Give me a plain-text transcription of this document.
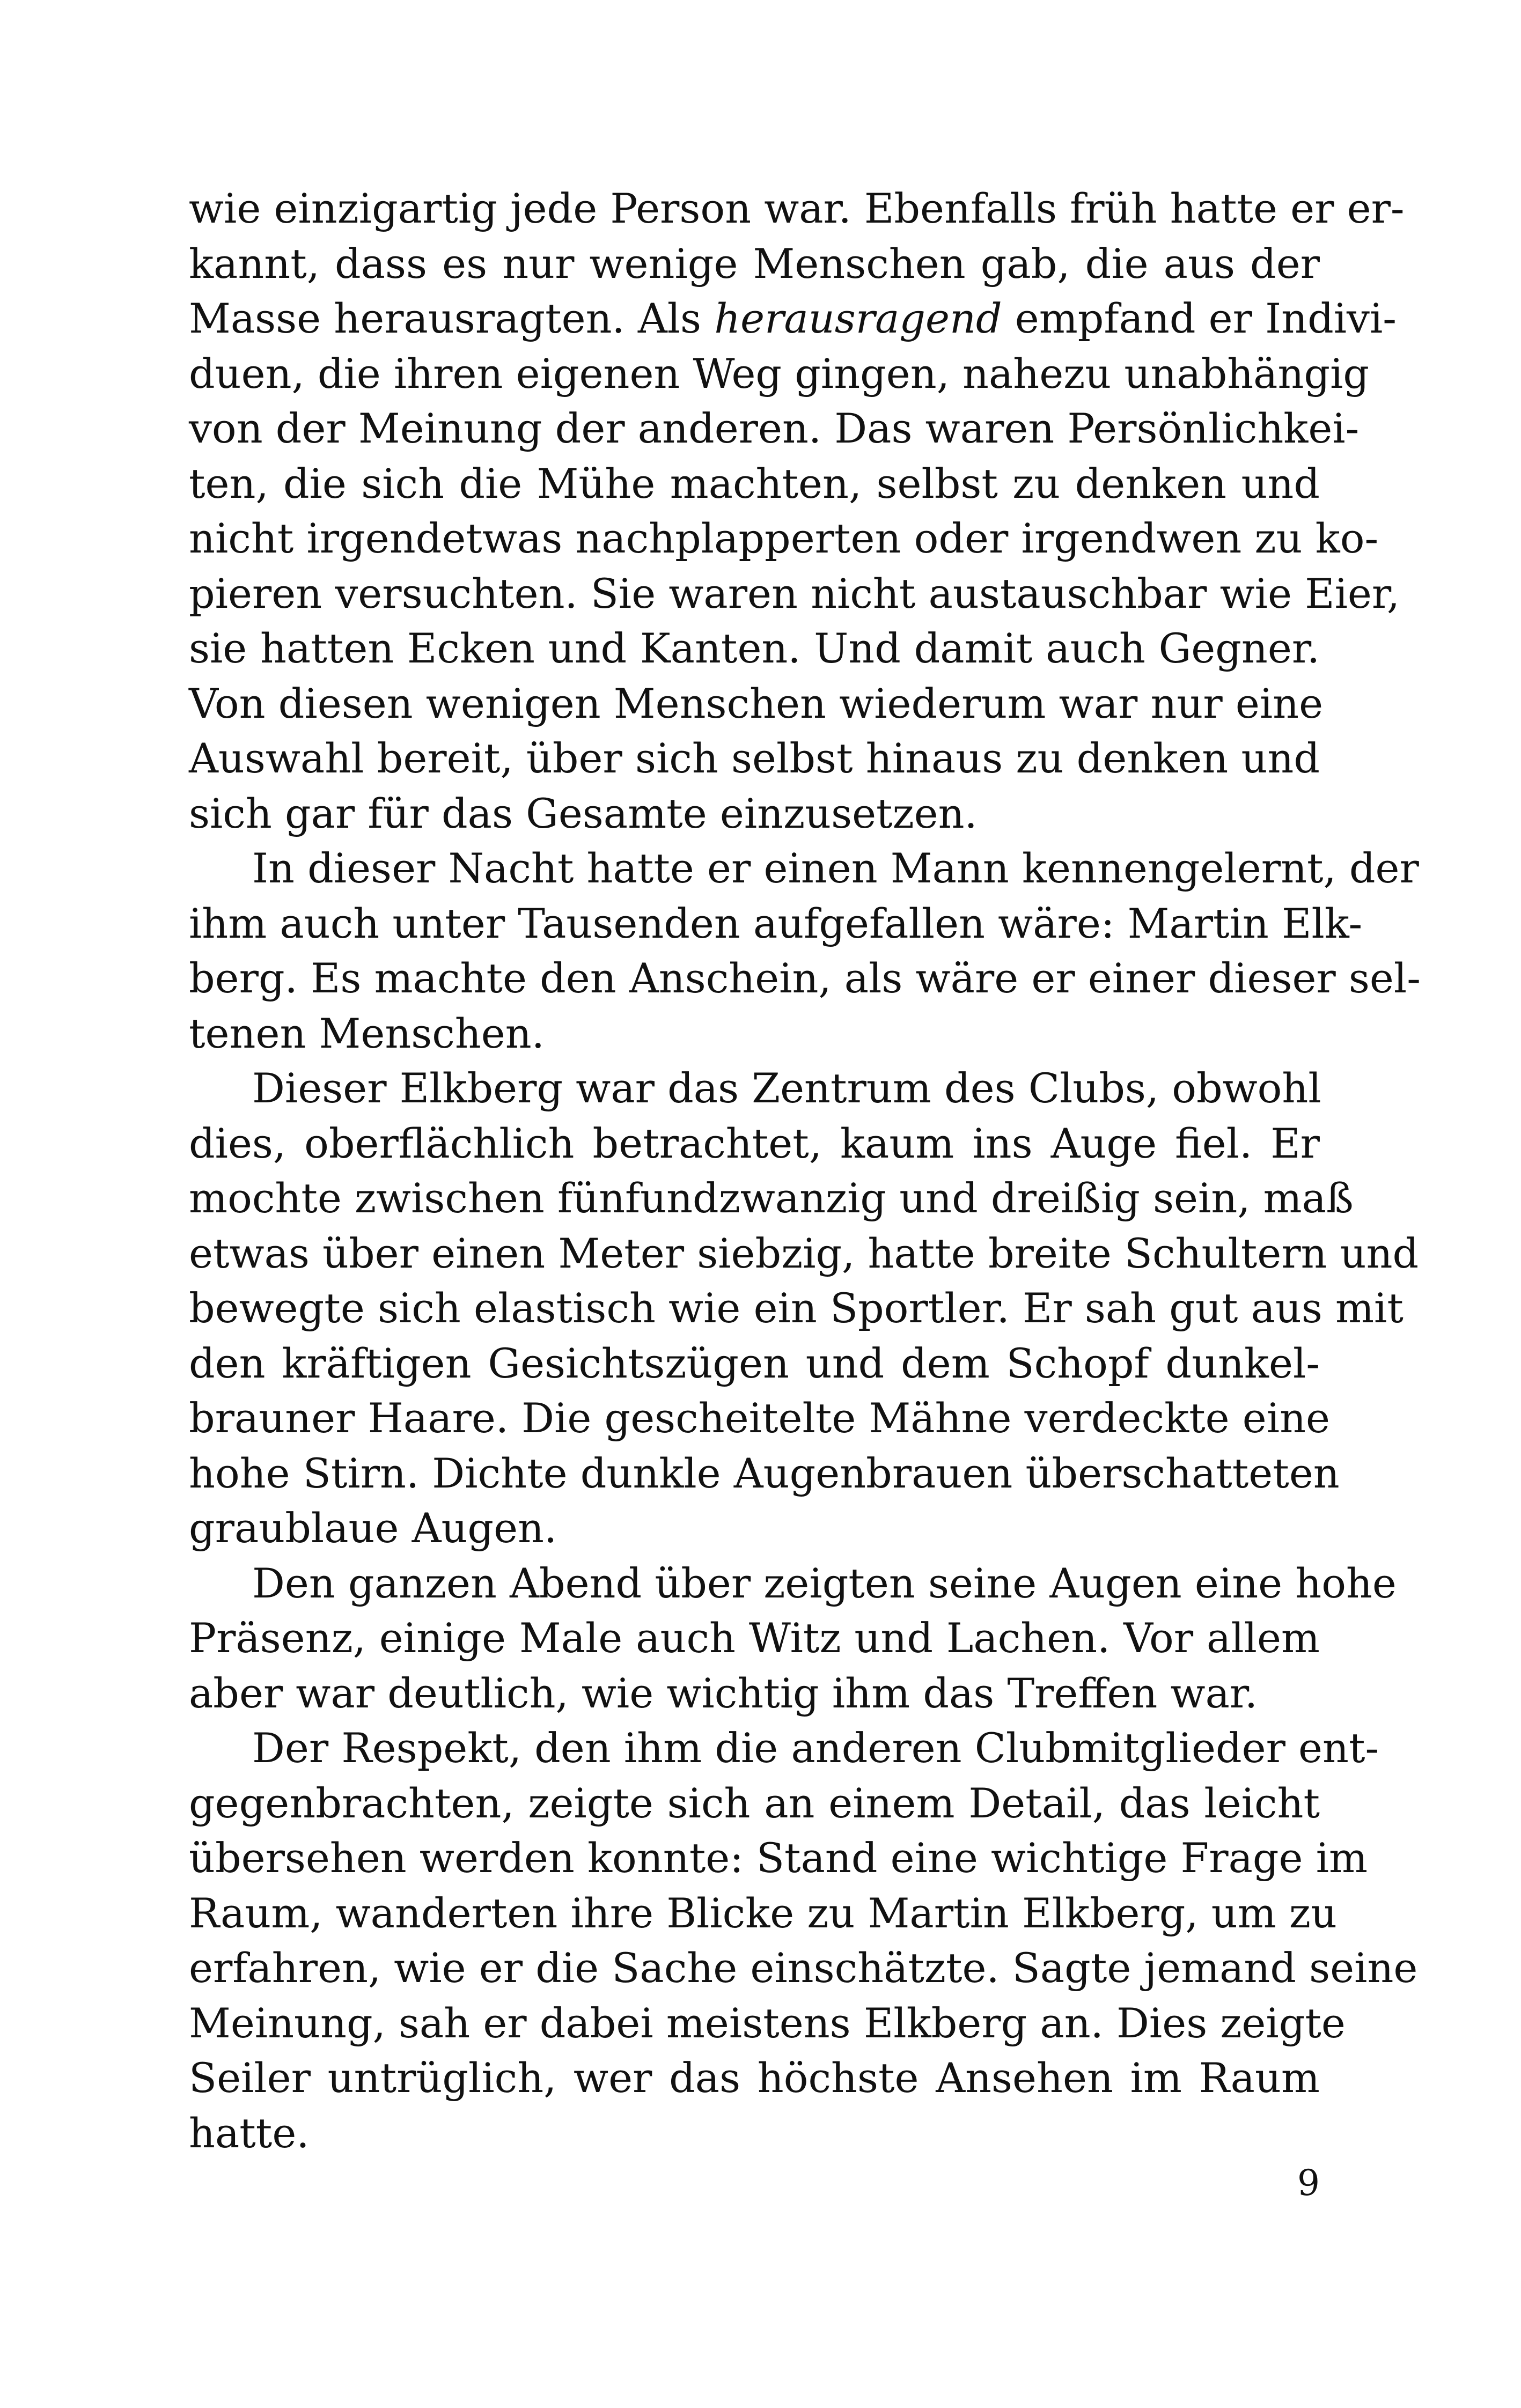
wie einzigartig jede Person war. Ebenfalls früh hatte er er-
kannt, dass es nur wenige Menschen gab, die aus der
Masse herausragten. Als herausragend empfand er Indivi-
duen, die ihren eigenen Weg gingen, nahezu unabhängig
von der Meinung der anderen. Das waren Persönlichkei-
ten, die sich die Mühe machten, selbst zu denken und
nicht irgendetwas nachplapperten oder irgendwen zu ko-
pieren versuchten. Sie waren nicht austauschbar wie Eier,
sie hatten Ecken und Kanten. Und damit auch Gegner.
Von diesen wenigen Menschen wiederum war nur eine
Auswahl bereit, über sich selbst hinaus zu denken und
sich gar für das Gesamte einzusetzen.

In dieser Nacht hatte er einen Mann kennengelernt, der
ihm auch unter Tausenden aufgefallen wäre: Martin Elk-
berg. Es machte den Anschein, als wäre er einer dieser sel-
tenen Menschen.

Dieser Elkberg war das Zentrum des Clubs, obwohl
dies, oberflächlich betrachtet, kaum ins Auge fiel. Er
mochte zwischen fünfundzwanzig und dreißig sein, maß
etwas über einen Meter siebzig, hatte breite Schultern und
bewegte sich elastisch wie ein Sportler. Er sah gut aus mit
den kräftigen Gesichtszügen und dem Schopf dunkel-
brauner Haare. Die gescheitelte Mähne verdeckte eine
hohe Stirn. Dichte dunkle Augenbrauen überschatteten
graublaue Augen.

Den ganzen Abend über zeigten seine Augen eine hohe
Präsenz, einige Male auch Witz und Lachen. Vor allem
aber war deutlich, wie wichtig ihm das Treffen war.

Der Respekt, den ihm die anderen Clubmitglieder ent-
gegenbrachten, zeigte sich an einem Detail, das leicht
übersehen werden konnte: Stand eine wichtige Frage im
Raum, wanderten ihre Blicke zu Martin Elkberg, um zu
erfahren, wie er die Sache einschätzte. Sagte jemand seine
Meinung, sah er dabei meistens Elkberg an. Dies zeigte
Seiler untrüglich, wer das höchste Ansehen im Raum
hatte.

9
